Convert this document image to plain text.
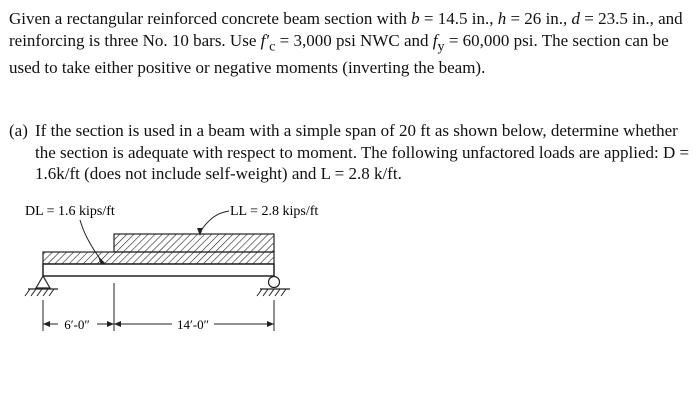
Given a rectangular reinforced concrete beam section with b = 14.5 in., h = 26 in., d = 23.5 in., and reinforcing is three No. 10 bars. Use $f'_c = 3,000$ psi NWC and $f_y = 60,000$ psi. The section can be used to take either positive or negative moments (inverting the beam).

(a) If the section is used in a beam with a simple span of 20 ft as shown below, determine whether the section is adequate with respect to moment. The following unfactored loads are applied: D = 1.6k/ft (does not include self-weight) and L = 2.8 k/ft.

DL = 1.6 kips/ft	LL = 2.8 kips/ft
6′-0″	14′-0″
